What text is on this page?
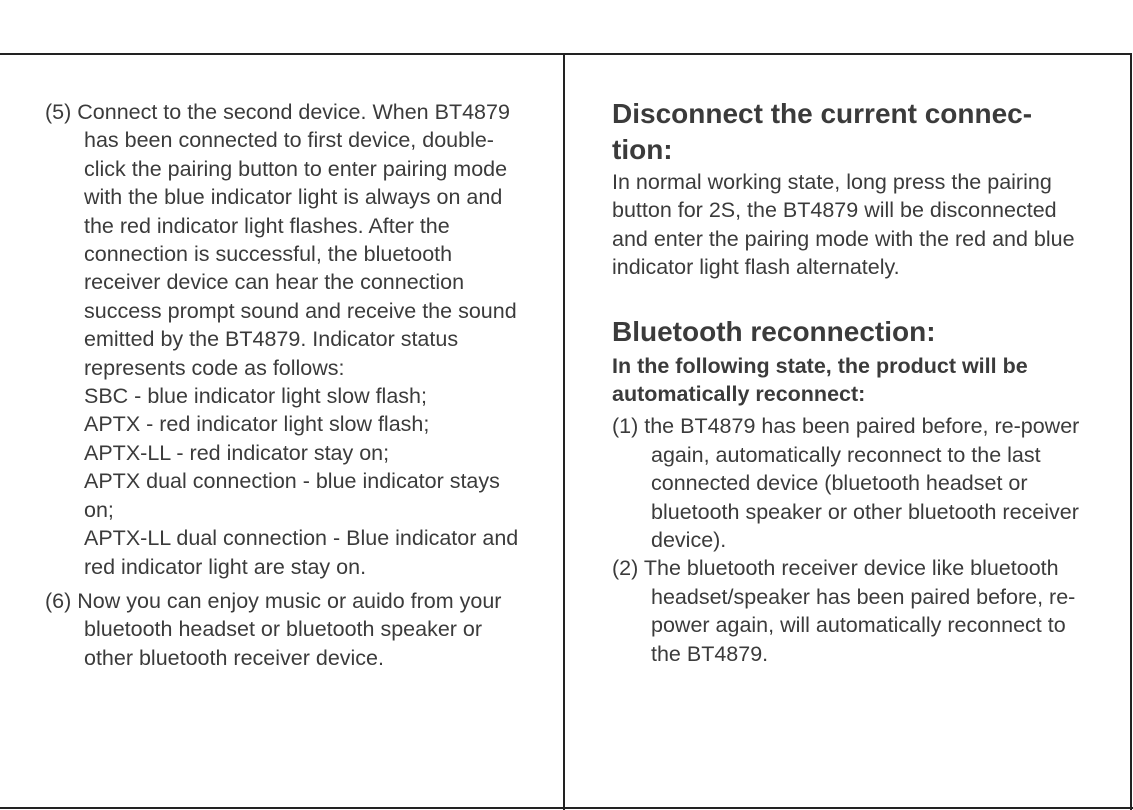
(5) Connect to the second device. When BT4879 has been connected to first device, double-click the pairing button to enter pairing mode with the blue indicator light is always on and the red indicator light flashes. After the connection is successful, the bluetooth receiver device can hear the connection success prompt sound and receive the sound emitted by the BT4879. Indicator status represents code as follows:
SBC - blue indicator light slow flash;
APTX - red indicator light slow flash;
APTX-LL - red indicator stay on;
APTX dual connection - blue indicator stays on;
APTX-LL dual connection - Blue indicator and red indicator light are stay on.

(6) Now you can enjoy music or auido from your bluetooth headset or bluetooth speaker or other bluetooth receiver device.

Disconnect the current connec-tion:

In normal working state, long press the pairing button for 2S, the BT4879 will be disconnected and enter the pairing mode with the red and blue indicator light flash alternately.

Bluetooth reconnection:

In the following state, the product will be automatically reconnect:

(1) the BT4879 has been paired before, re-power again, automatically reconnect to the last connected device (bluetooth headset or bluetooth speaker or other bluetooth receiver device).

(2) The bluetooth receiver device like bluetooth headset/speaker has been paired before, re-power again, will automatically reconnect to the BT4879.
